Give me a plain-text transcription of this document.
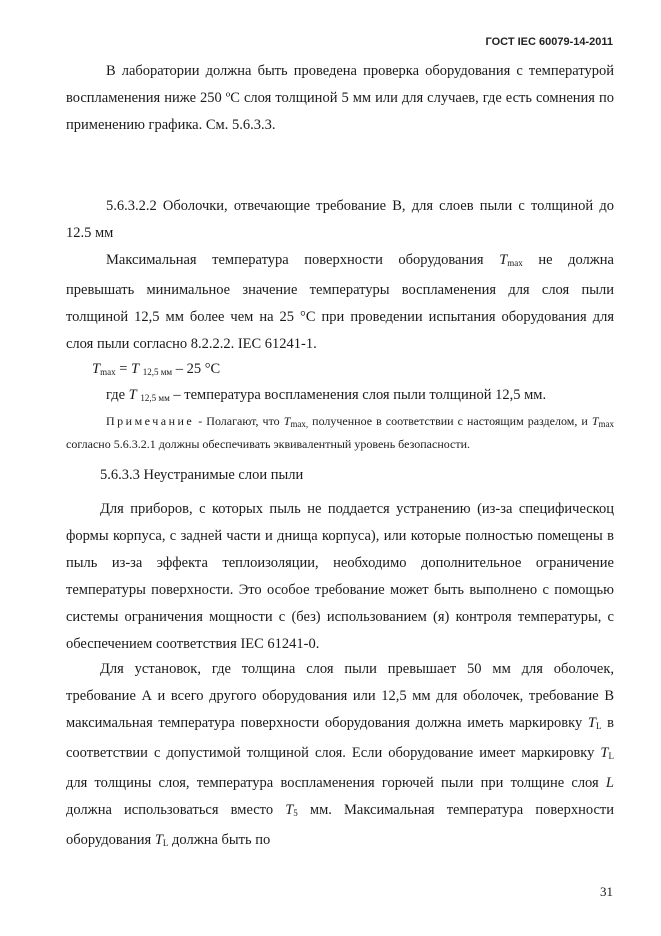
ГОСТ IEC 60079-14-2011

В лаборатории должна быть проведена проверка оборудования с температурой воспламенения ниже 250 ºС слоя толщиной 5 мм или для случаев, где есть сомнения по применению графика. См. 5.6.3.3.

5.6.3.2.2 Оболочки, отвечающие требование В, для слоев пыли с толщиной до 12.5 мм

Максимальная температура поверхности оборудования $T_{max}$ не должна превышать минимальное значение температуры воспламенения для слоя пыли толщиной 12,5 мм более чем на 25 °С при проведении испытания оборудования для слоя пыли согласно 8.2.2.2. IEC 61241-1.

$T_{max} = T$ $_{12,5 мм}$ – 25 °С
где T $_{12,5 мм}$ – температура воспламенения слоя пыли толщиной 12,5 мм.
Примечание - Полагают, что $T_{max,}$ полученное в соответствии с настоящим разделом, и $T_{max}$ согласно 5.6.3.2.1 должны обеспечивать эквивалентный уровень безопасности.

5.6.3.3 Неустранимые слои пыли

Для приборов, с которых пыль не поддается устранению (из-за специфическоц формы корпуса, с задней части и днища корпуса), или которые полностью помещены в пыль из-за эффекта теплоизоляции, необходимо дополнительное ограничение температуры поверхности. Это особое требование может быть выполнено с помощью системы ограничения мощности с (без) использованием (я) контроля температуры, с обеспечением соответствия IEC 61241-0.

Для установок, где толщина слоя пыли превышает 50 мм для оболочек, требование А и всего другого оборудования или 12,5 мм для оболочек, требование В максимальная температура поверхности оборудования должна иметь маркировку $T_L$ в соответствии с допустимой толщиной слоя. Если оборудование имеет маркировку $T_L$ для толщины слоя, температура воспламенения горючей пыли при толщине слоя L должна использоваться вместо $T_5$ мм. Максимальная температура поверхности оборудования $T_L$ должна быть по

31
